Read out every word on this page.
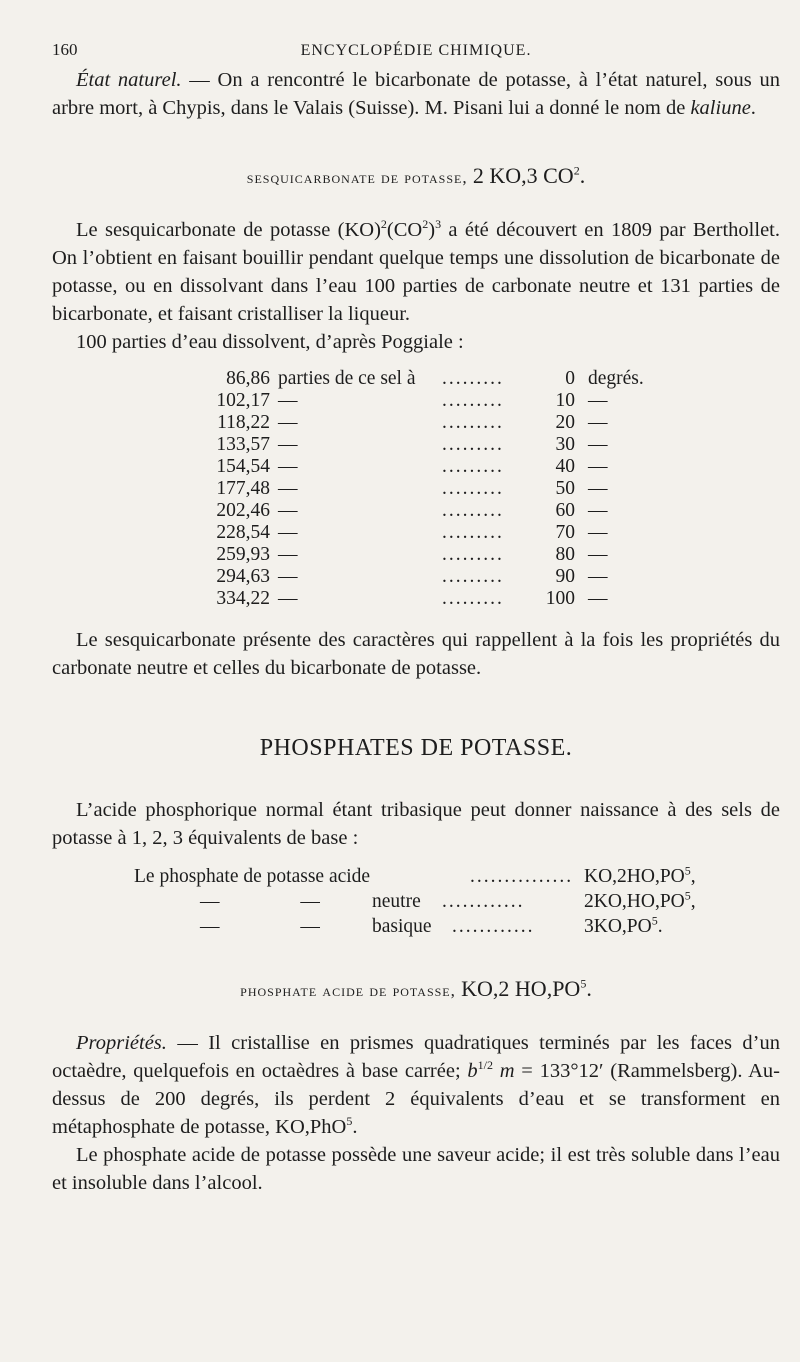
160	ENCYCLOPÉDIE CHIMIQUE.

État naturel. — On a rencontré le bicarbonate de potasse, à l’état naturel, sous un arbre mort, à Chypis, dans le Valais (Suisse). M. Pisani lui a donné le nom de kaliune.

sesquicarbonate de potasse, 2 KO,3 $CO^2$.

Le sesquicarbonate de potasse $(KO)^2(CO^2)^3$ a été découvert en 1809 par Berthollet. On l’obtient en faisant bouillir pendant quelque temps une dissolution de bicarbonate de potasse, ou en dissolvant dans l’eau 100 parties de carbonate neutre et 131 parties de bicarbonate, et faisant cristalliser la liqueur.

100 parties d’eau dissolvent, d’après Poggiale :

86,86 parties de ce sel à .........	0 degrés.
102,17 —	.........	10 —
118,22 —	.........	20 —
133,57 —	.........	30 —
154,54 —	.........	40 —
177,48 —	.........	50 —
202,46 —	.........	60 —
228,54 —	.........	70 —
259,93 —	.........	80 —
294,63 —	.........	90 —
334,22 —	......... 100 —

Le sesquicarbonate présente des caractères qui rappellent à la fois les propriétés du carbonate neutre et celles du bicarbonate de potasse.

PHOSPHATES DE POTASSE.

L’acide phosphorique normal étant tribasique peut donner naissance à des sels de potasse à 1, 2, 3 équivalents de base :

Le phosphate de potasse acide	............... $KO,2HO,PO^5$,
— — neutre ............	$2KO,HO,PO^5$,
— — basique ............	$3KO,PO^5$.

phosphate acide de potasse, KO,2 $HO,PO^5$.

Propriétés. — Il cristallise en prismes quadratiques terminés par les faces d’un octaèdre, quelquefois en octaèdres à base carrée; $b^{1/2}$ m = 133°12′ (Rammelsberg). Au-dessus de 200 degrés, ils perdent 2 équivalents d’eau et se transforment en métaphosphate de potasse, KO,PhO$^5$.

Le phosphate acide de potasse possède une saveur acide; il est très soluble dans l’eau et insoluble dans l’alcool.
